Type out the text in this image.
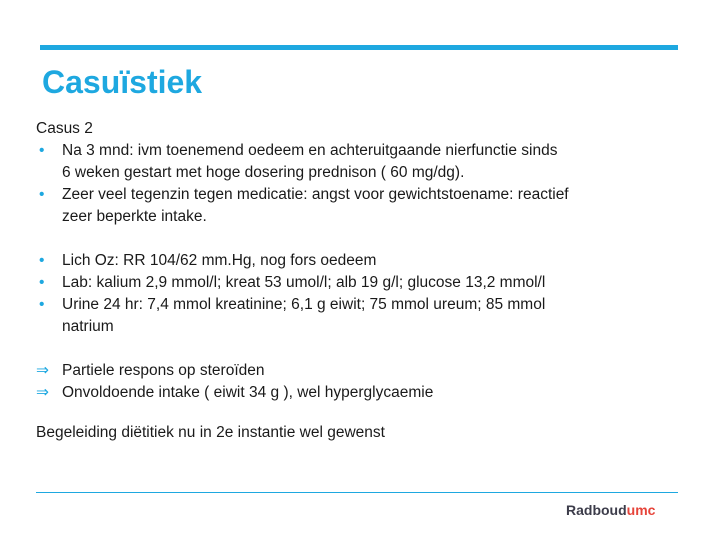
Casuïstiek

Casus 2

• Na 3 mnd: ivm toenemend oedeem en achteruitgaande nierfunctie sinds
6 weken gestart met hoge dosering prednison ( 60 mg/dg).
• Zeer veel tegenzin tegen medicatie: angst voor gewichtstoename: reactief
zeer beperkte intake.
• Lich Oz: RR 104/62 mm.Hg, nog fors oedeem
• Lab: kalium 2,9 mmol/l; kreat 53 umol/l; alb 19 g/l; glucose 13,2 mmol/l
• Urine 24 hr: 7,4 mmol kreatinine; 6,1 g eiwit; 75 mmol ureum; 85 mmol
natrium
⇒ Partiele respons op steroïden
⇒ Onvoldoende intake ( eiwit 34 g ), wel hyperglycaemie

Begeleiding diëtitiek nu in 2e instantie wel gewenst

Radboudumc
